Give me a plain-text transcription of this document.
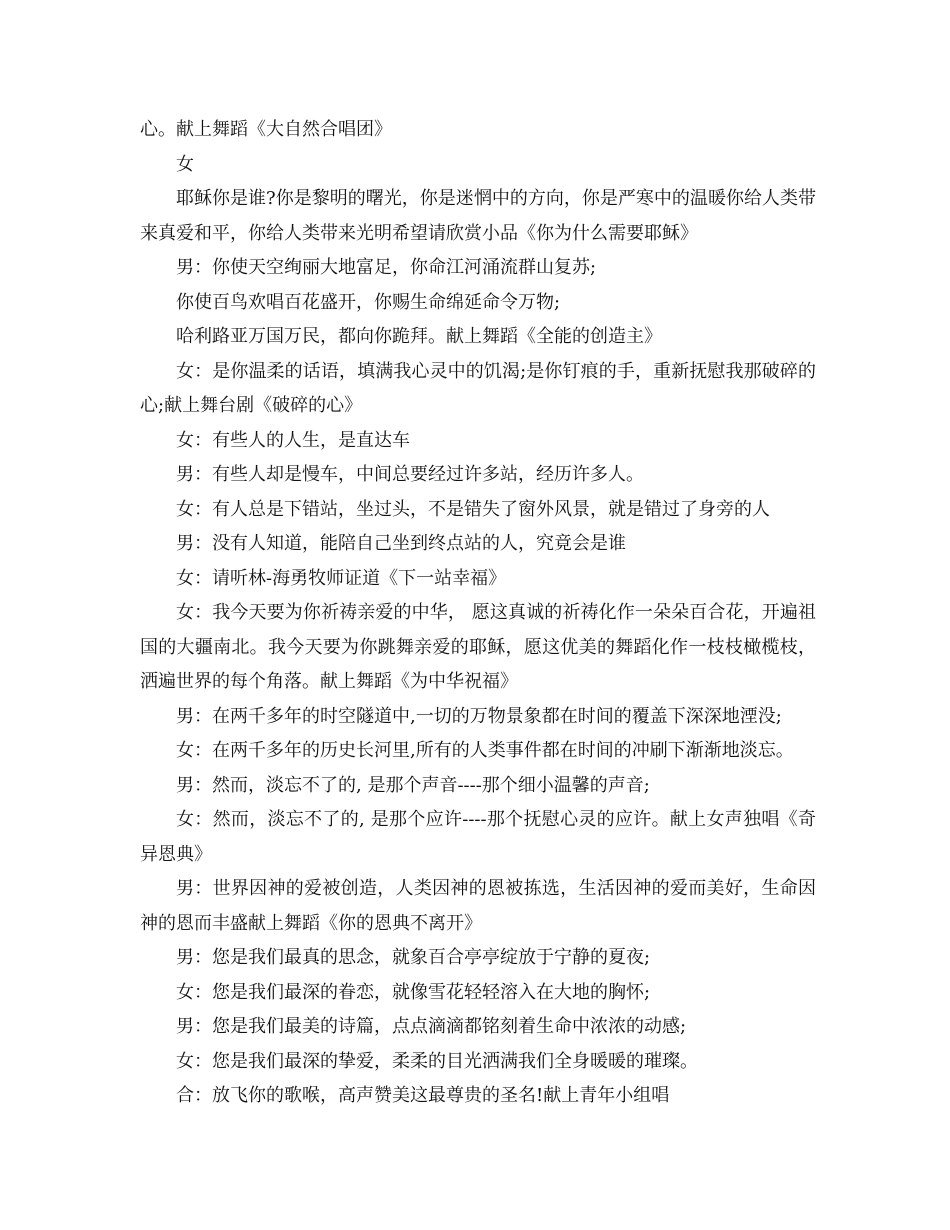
心。献上舞蹈《大自然合唱团》

女

耶稣你是谁?你是黎明的曙光，你是迷惘中的方向，你是严寒中的温暖你给人类带来真爱和平，你给人类带来光明希望请欣赏小品《你为什么需要耶稣》

男：你使天空绚丽大地富足，你命江河涌流群山复苏;

你使百鸟欢唱百花盛开，你赐生命绵延命令万物;

哈利路亚万国万民，都向你跪拜。献上舞蹈《全能的创造主》

女：是你温柔的话语，填满我心灵中的饥渴;是你钉痕的手，重新抚慰我那破碎的心;献上舞台剧《破碎的心》

女：有些人的人生，是直达车

男：有些人却是慢车，中间总要经过许多站，经历许多人。

女：有人总是下错站，坐过头，不是错失了窗外风景，就是错过了身旁的人

男：没有人知道，能陪自己坐到终点站的人，究竟会是谁

女：请听林-海勇牧师证道《下一站幸福》

女：我今天要为你祈祷亲爱的中华， 愿这真诚的祈祷化作一朵朵百合花，开遍祖国的大疆南北。我今天要为你跳舞亲爱的耶稣，愿这优美的舞蹈化作一枝枝橄榄枝，洒遍世界的每个角落。献上舞蹈《为中华祝福》

男：在两千多年的时空隧道中,一切的万物景象都在时间的覆盖下深深地湮没;

女：在两千多年的历史长河里,所有的人类事件都在时间的冲刷下渐渐地淡忘。

男：然而，淡忘不了的, 是那个声音----那个细小温馨的声音;

女：然而，淡忘不了的, 是那个应许----那个抚慰心灵的应许。献上女声独唱《奇异恩典》

男：世界因神的爱被创造，人类因神的恩被拣选，生活因神的爱而美好，生命因神的恩而丰盛献上舞蹈《你的恩典不离开》

男：您是我们最真的思念，就象百合亭亭绽放于宁静的夏夜;

女：您是我们最深的眷恋，就像雪花轻轻溶入在大地的胸怀;

男：您是我们最美的诗篇，点点滴滴都铭刻着生命中浓浓的动感;

女：您是我们最深的挚爱，柔柔的目光洒满我们全身暖暖的璀璨。

合：放飞你的歌喉，高声赞美这最尊贵的圣名!献上青年小组唱
